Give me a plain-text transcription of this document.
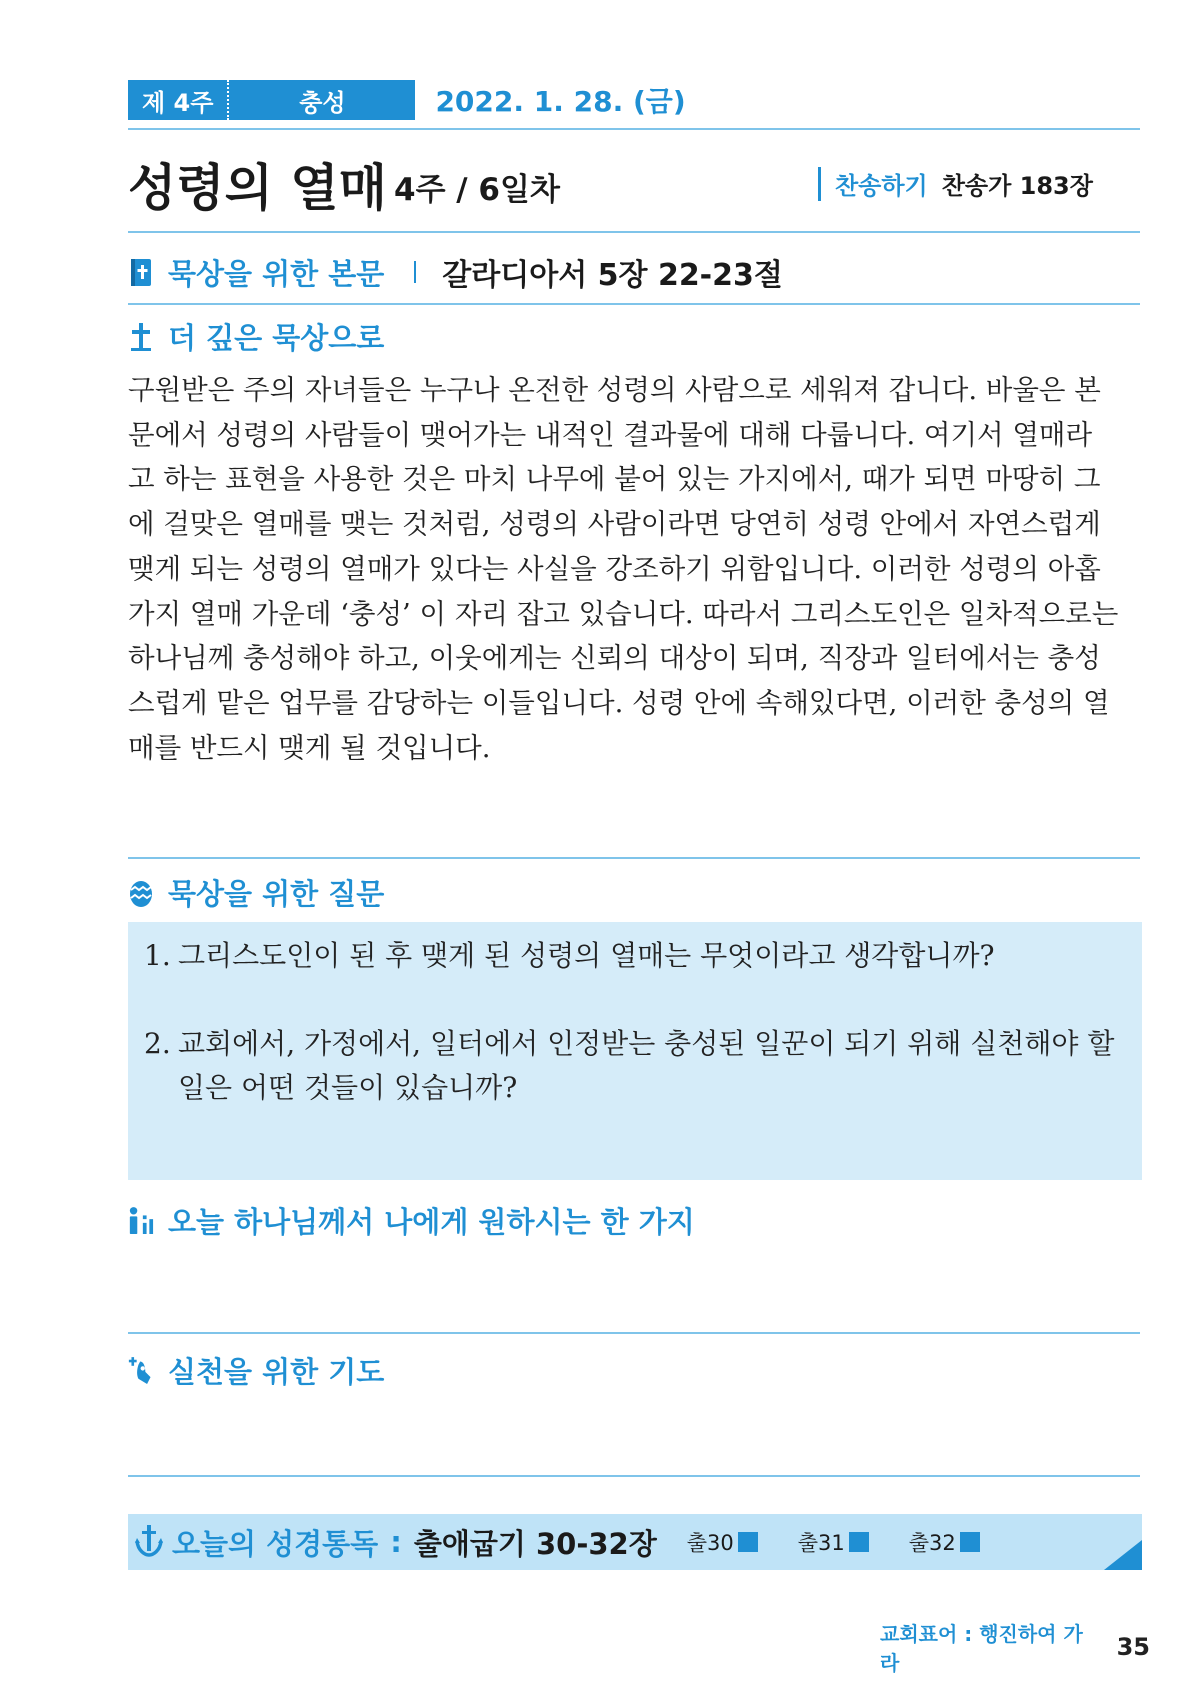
제 4주	충성	2022. 1. 28. (금)
성령의 열매 4주 / 6일차	찬송하기 찬송가 183장
묵상을 위한 본문 갈라디아서 5장 22-23절
더 깊은 묵상으로
구원받은 주의 자녀들은 누구나 온전한 성령의 사람으로 세워져 갑니다. 바울은 본
문에서 성령의 사람들이 맺어가는 내적인 결과물에 대해 다룹니다. 여기서 열매라
고 하는 표현을 사용한 것은 마치 나무에 붙어 있는 가지에서, 때가 되면 마땅히 그
에 걸맞은 열매를 맺는 것처럼, 성령의 사람이라면 당연히 성령 안에서 자연스럽게
맺게 되는 성령의 열매가 있다는 사실을 강조하기 위함입니다. 이러한 성령의 아홉
가지 열매 가운데 ‘충성’ 이 자리 잡고 있습니다. 따라서 그리스도인은 일차적으로는
하나님께 충성해야 하고, 이웃에게는 신뢰의 대상이 되며, 직장과 일터에서는 충성
스럽게 맡은 업무를 감당하는 이들입니다. 성령 안에 속해있다면, 이러한 충성의 열
매를 반드시 맺게 될 것입니다.
묵상을 위한 질문
1. 그리스도인이 된 후 맺게 된 성령의 열매는 무엇이라고 생각합니까?
2. 교회에서, 가정에서, 일터에서 인정받는 충성된 일꾼이 되기 위해 실천해야 할
일은 어떤 것들이 있습니까?
오늘 하나님께서 나에게 원하시는 한 가지
실천을 위한 기도
오늘의 성경통독 : 출애굽기 30-32장 출30	출31	출32
교회표어 : 행진하여 가라
35
